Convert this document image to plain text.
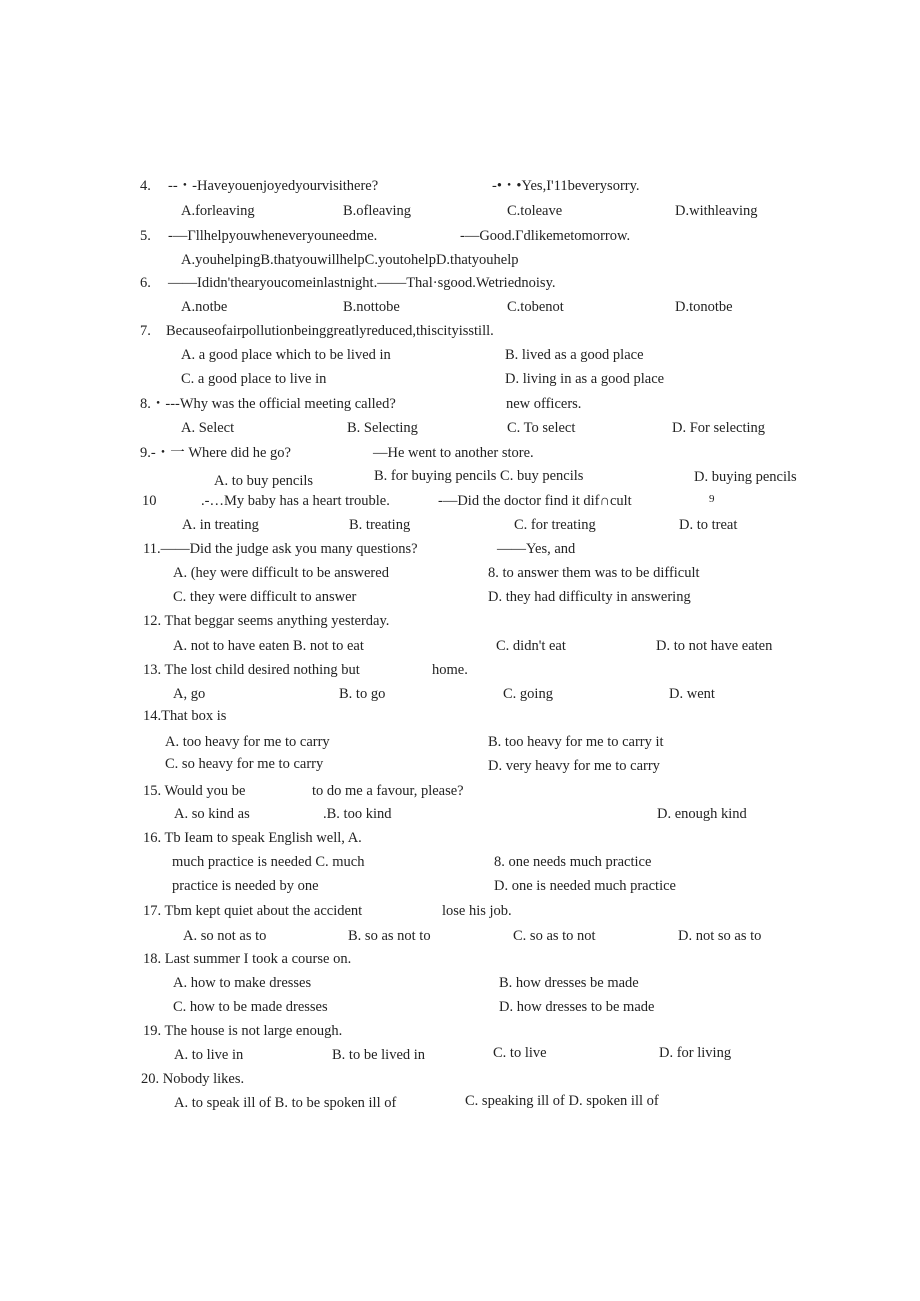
4. --・-Haveyouenjoyedyourvisithere?	-•・•Yes,I'11beverysorry.
A.forleaving	B.ofleaving	C.toleave	D.withleaving
5. -—Γllhelpyouwheneveryouneedme.	-—Good.Γdlikemetomorrow.
A.youhelpingB.thatyouwillhelpC.youtohelpD.thatyouhelp
6. ——Ididn'thearyoucomeinlastnight.——Thal·sgood.Wetriednoisy.
A.notbe	B.nottobe	C.tobenot	D.tonotbe
7. Becauseofairpollutionbeinggreatlyreduced,thiscityisstill.
A. a good place which to be lived in	B. lived as a good place
C. a good place to live in	D. living in as a good place
8.・---Why was the official meeting called?	new officers.
A. Select	B. Selecting	C. To select	D. For selecting
9.-・一 Where did he go?	—He went to another store.
A. to buy pencils	B. for buying pencils C. buy pencils	D. buying pencils
10	.-…My baby has a heart trouble.	-—Did the doctor find it dif∩cult	9
A. in treating	B. treating	C. for treating	D. to treat
11.——Did the judge ask you many questions?	——Yes, and
A. (hey were difficult to be answered	8. to answer them was to be difficult
C. they were difficult to answer	D. they had difficulty in answering
12. That beggar seems anything yesterday.
A. not to have eaten B. not to eat	C. didn't eat	D. to not have eaten
13. The lost child desired nothing but	home.
A, go	B. to go	C. going	D. went
14.That box is
A. too heavy for me to carry	B. too heavy for me to carry it
C. so heavy for me to carry	D. very heavy for me to carry
15. Would you be	to do me a favour, please?
A. so kind as	.B. too kind	D. enough kind
16. Tb Ieam to speak English well, A.
much practice is needed C. much	8. one needs much practice
practice is needed by one	D. one is needed much practice
17. Tbm kept quiet about the accident	lose his job.
A. so not as to	B. so as not to	C. so as to not	D. not so as to
18. Last summer I took a course on.
A. how to make dresses	B. how dresses be made
C. how to be made dresses	D. how dresses to be made
19. The house is not large enough.
A. to live in	B. to be lived in	C. to live	D. for living
20. Nobody likes.
A. to speak ill of B. to be spoken ill of	C. speaking ill of D. spoken ill of
